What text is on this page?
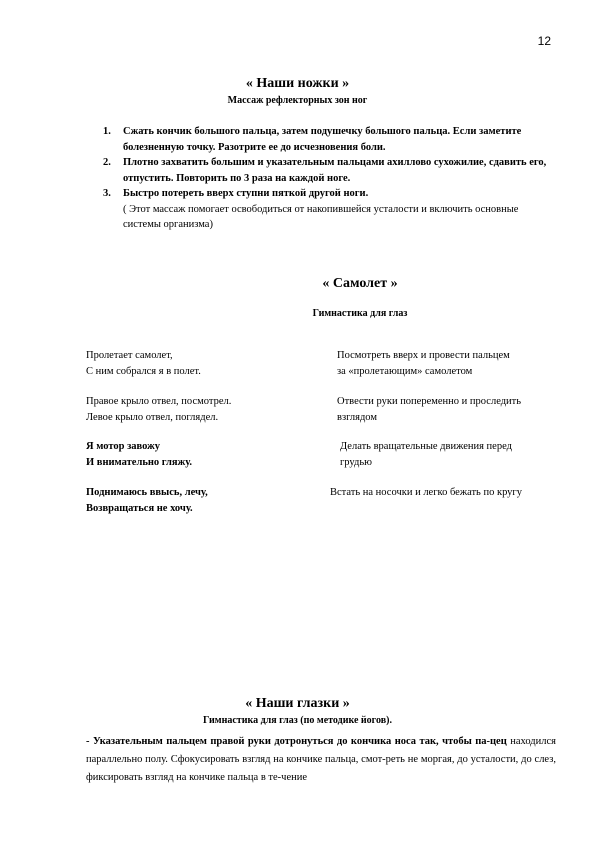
12
« Наши ножки »
Массаж рефлекторных зон ног
1. Сжать кончик большого пальца, затем подушечку большого пальца. Если заметите болезненную точку. Разотрите ее до исчезновения боли.
2. Плотно захватить большим и указательным пальцами ахиллово сухожилие, сдавить его, отпустить. Повторить по 3 раза на каждой ноге.
3. Быстро потереть вверх ступни пяткой другой ноги.
( Этот массаж помогает освободиться от накопившейся усталости и включить основные системы организма)
« Самолет »
Гимнастика для глаз
Пролетает самолет,
С ним собрался я в полет.
Посмотреть вверх и провести пальцем
за «пролетающим» самолетом
Правое крыло отвел, посмотрел.
Левое крыло отвел, поглядел.
Отвести руки попеременно и проследить
взглядом
Я мотор завожу
И внимательно гляжу.
Делать вращательные движения перед
грудью
Поднимаюсь ввысь, лечу,
Возвращаться не хочу.
Встать на носочки и легко бежать по кругу
« Наши глазки »
Гимнастика для глаз (по методике йогов).
- Указательным пальцем правой руки дотронуться до кончика носа так, чтобы па-цец находился параллельно полу. Сфокусировать взгляд на кончике пальца, смот-реть не моргая, до усталости, до слез, фиксировать взгляд на кончике пальца в те-чение
